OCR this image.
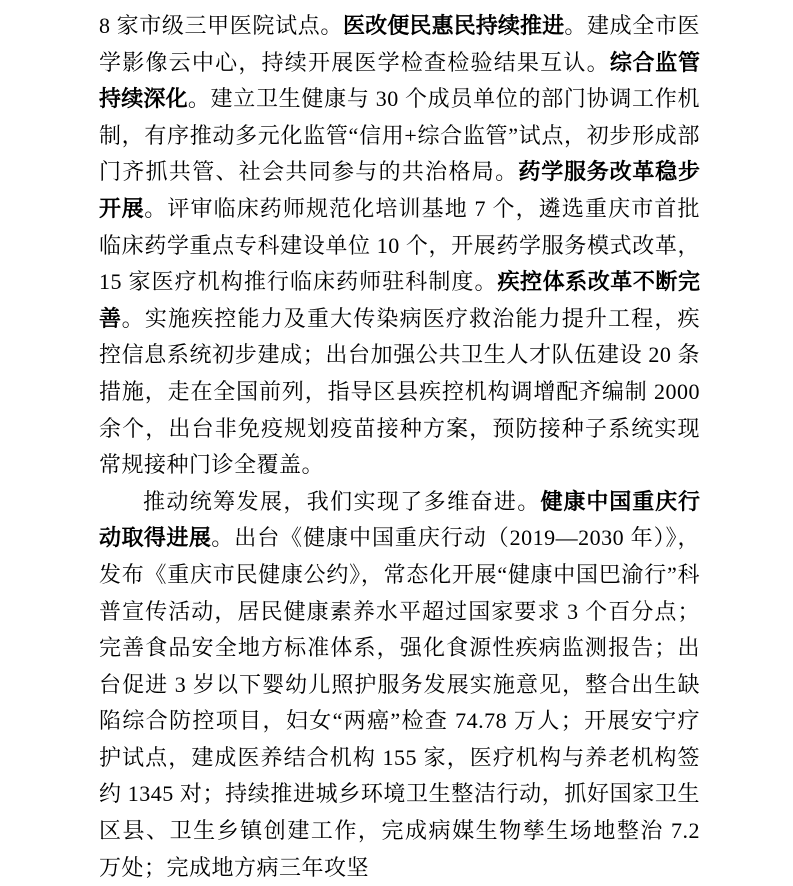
8 家市级三甲医院试点。医改便民惠民持续推进。建成全市医学影像云中心，持续开展医学检查检验结果互认。综合监管持续深化。建立卫生健康与 30 个成员单位的部门协调工作机制，有序推动多元化监管“信用+综合监管”试点，初步形成部门齐抓共管、社会共同参与的共治格局。药学服务改革稳步开展。评审临床药师规范化培训基地 7 个，遴选重庆市首批临床药学重点专科建设单位 10 个，开展药学服务模式改革，15 家医疗机构推行临床药师驻科制度。疾控体系改革不断完善。实施疾控能力及重大传染病医疗救治能力提升工程，疾控信息系统初步建成；出台加强公共卫生人才队伍建设 20 条措施，走在全国前列，指导区县疾控机构调增配齐编制 2000 余个，出台非免疫规划疫苗接种方案，预防接种子系统实现常规接种门诊全覆盖。

推动统筹发展，我们实现了多维奋进。健康中国重庆行动取得进展。出台《健康中国重庆行动（2019—2030 年）》，发布《重庆市民健康公约》，常态化开展“健康中国巴渝行”科普宣传活动，居民健康素养水平超过国家要求 3 个百分点；完善食品安全地方标准体系，强化食源性疾病监测报告；出台促进 3 岁以下婴幼儿照护服务发展实施意见，整合出生缺陷综合防控项目，妇女“两癌”检查 74.78 万人；开展安宁疗护试点，建成医养结合机构 155 家，医疗机构与养老机构签约 1345 对；持续推进城乡环境卫生整洁行动，抓好国家卫生区县、卫生乡镇创建工作，完成病媒生物孳生场地整治 7.2 万处；完成地方病三年攻坚
